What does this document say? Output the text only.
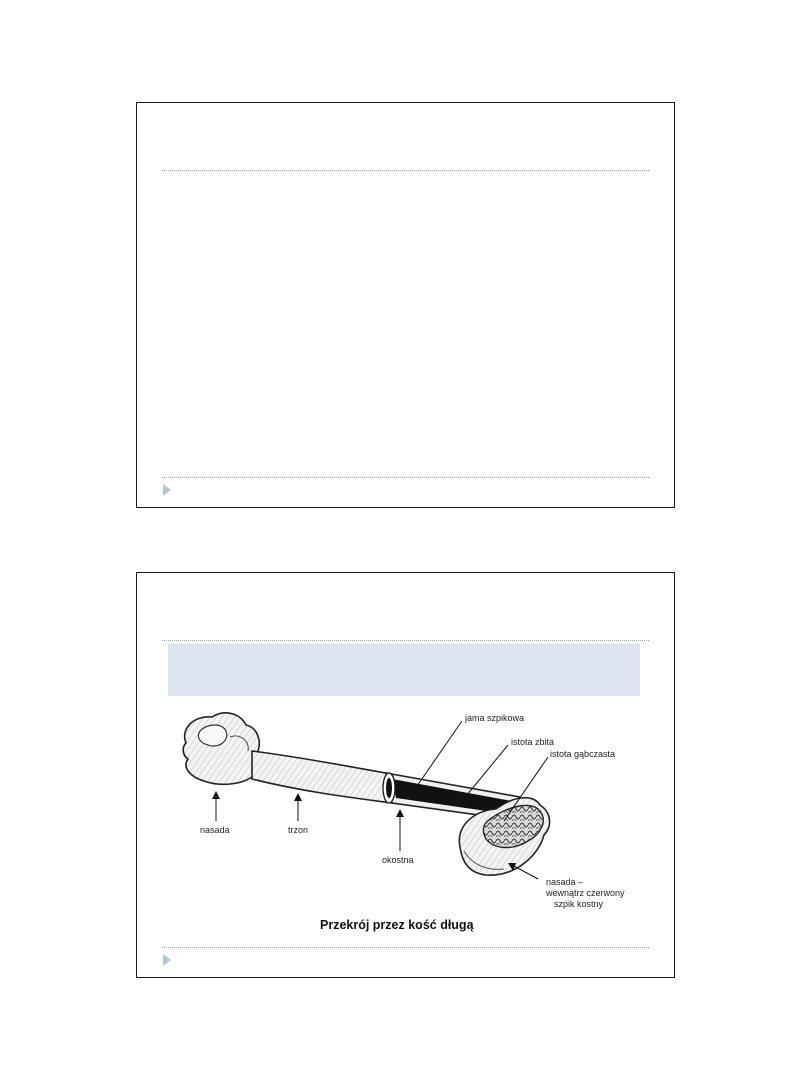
jama szpikowa
istota zbita
istota gąbczasta
nasada	trzon
okostna
nasada –
wewnątrz czerwony
szpik kostny
Przekrój przez kość długą
